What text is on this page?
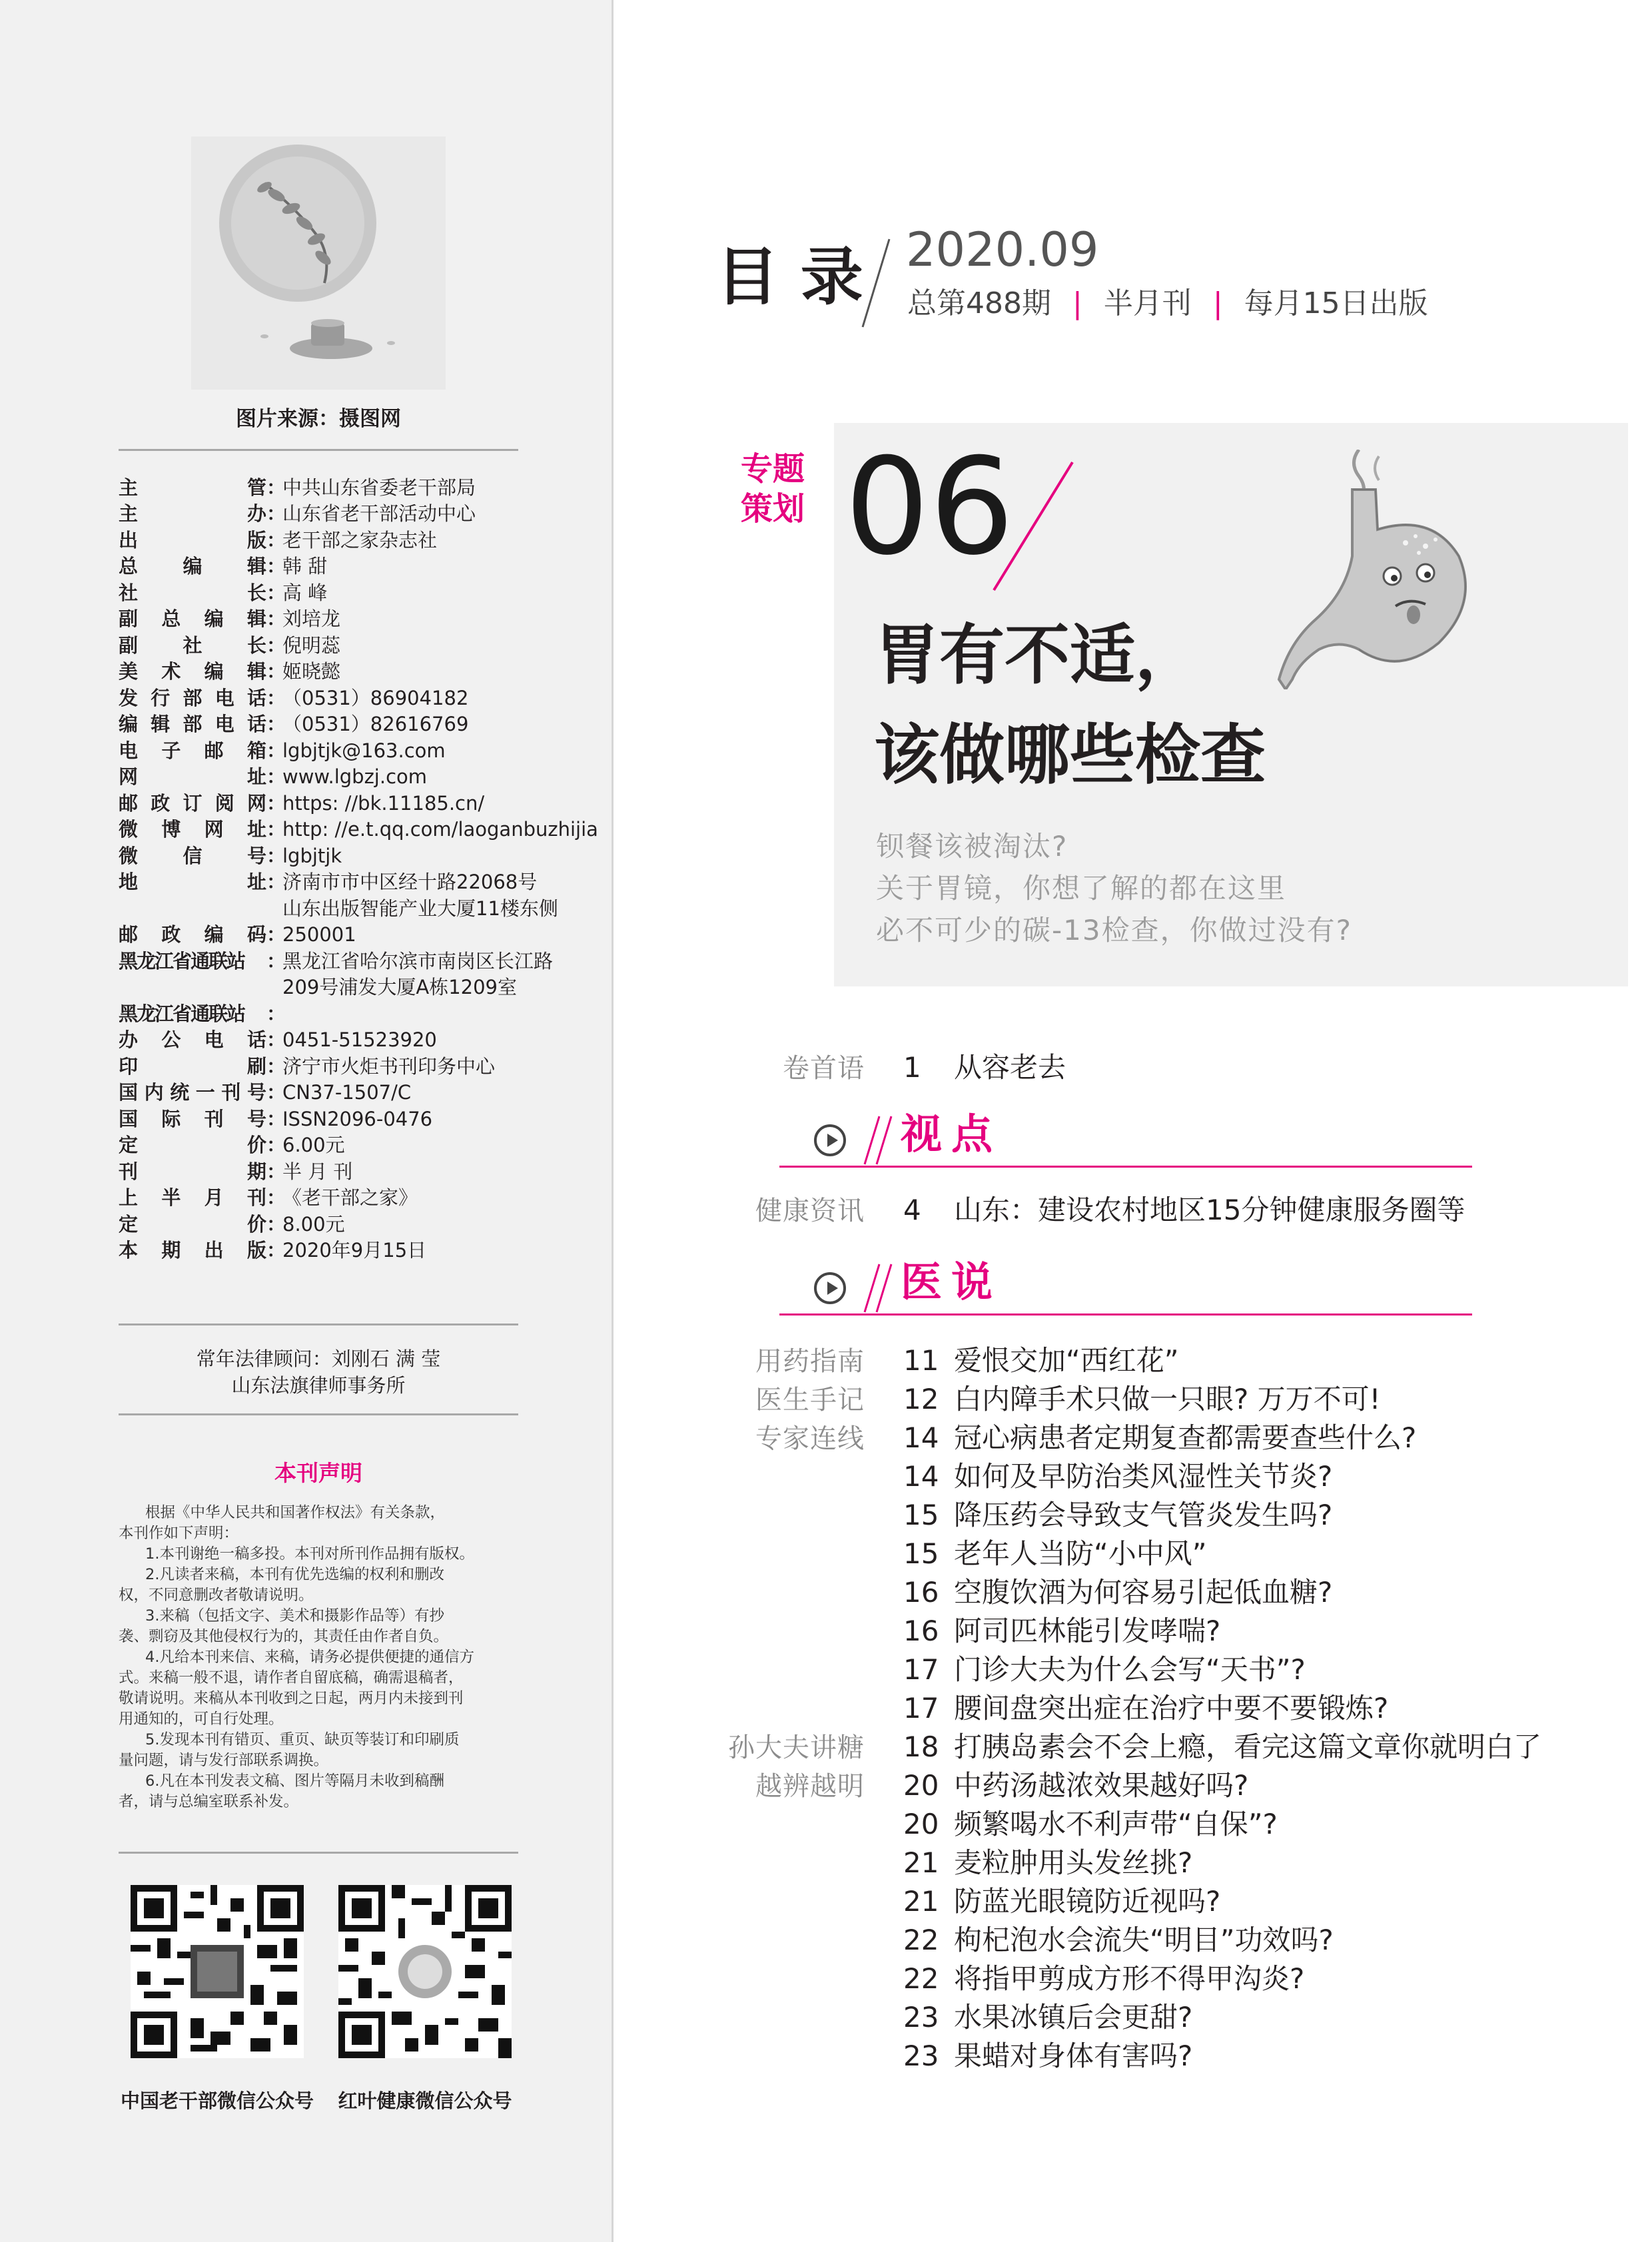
图片来源：摄图网
主	管 ：
中共山东省委老干部局
主	办 ：
山东省老干部活动中心
出	版 ：
老干部之家杂志社
总 编 辑 ：
韩 甜
社	长 ：
高 峰
副 总 编 辑 ：
刘培龙
副 社 长 ：
倪明蕊
美 术 编 辑 ：
姬晓懿
发 行 部 电 话 ：
（0531）86904182
编 辑 部 电 话 ：
（0531）82616769
电 子 邮 箱 ：
lgbjtjk@163.com
网	址 ：
www.lgbzj.com
邮 政 订 阅 网 ：
https: //bk.11185.cn/
微 博 网 址 ：
http: //e.t.qq.com/laoganbuzhijia
微 信 号 ：
lgbjtjk
地	址 ：
济南市市中区经十路22068号
山东出版智能产业大厦11楼东侧
邮 政 编 码 ：
250001
黑 龙 江 省 通 联 站 ：
黑龙江省哈尔滨市南岗区长江路
209号浦发大厦A栋1209室
黑 龙 江 省 通 联 站 ：
办 公 电 话 ：
0451-51523920
印	刷 ：
济宁市火炬书刊印务中心
国 内 统 一 刊 号 ：
CN37-1507/C
国 际 刊 号 ：
ISSN2096-0476
定	价 ：
6.00元
刊	期 ：
半 月 刊
上 半 月 刊 ：
《老干部之家》
定	价 ：
8.00元
本 期 出 版 ：
2020年9月15日
常年法律顾问：刘刚石 满 莹
山东法旗律师事务所
本刊声明
根据《中华人民共和国著作权法》有关条款，
本刊作如下声明：
1.本刊谢绝一稿多投。本刊对所刊作品拥有版权。
2.凡读者来稿，本刊有优先选编的权利和删改
权，不同意删改者敬请说明。
3.来稿（包括文字、美术和摄影作品等）有抄
袭、剽窃及其他侵权行为的，其责任由作者自负。
4.凡给本刊来信、来稿，请务必提供便捷的通信方
式。来稿一般不退，请作者自留底稿，确需退稿者，
敬请说明。来稿从本刊收到之日起，两月内未接到刊
用通知的，可自行处理。
5.发现本刊有错页、重页、缺页等装订和印刷质
量问题，请与发行部联系调换。
6.凡在本刊发表文稿、图片等隔月未收到稿酬
者，请与总编室联系补发。
中国老干部微信公众号	红叶健康微信公众号
目 录 2020.09
总第488期 | 半月刊 | 每月15日出版
专题
策划 06
胃有不适，
该做哪些检查
钡餐该被淘汰?
关于胃镜，你想了解的都在这里
必不可少的碳-13检查，你做过没有?
卷首语 1 从容老去
视点
健康资讯 4 山东：建设农村地区15分钟健康服务圈等
医说
用药指南 11 爱恨交加“西红花”
医生手记 12 白内障手术只做一只眼? 万万不可!
专家连线 14 冠心病患者定期复查都需要查些什么?
14 如何及早防治类风湿性关节炎?
15 降压药会导致支气管炎发生吗?
15 老年人当防“小中风”
16 空腹饮酒为何容易引起低血糖?
16 阿司匹林能引发哮喘?
17 门诊大夫为什么会写“天书”?
17 腰间盘突出症在治疗中要不要锻炼?
孙大夫讲糖 18 打胰岛素会不会上瘾，看完这篇文章你就明白了
越辨越明 20 中药汤越浓效果越好吗?
20 频繁喝水不利声带“自保”?
21 麦粒肿用头发丝挑?
21 防蓝光眼镜防近视吗?
22 枸杞泡水会流失“明目”功效吗?
22 将指甲剪成方形不得甲沟炎?
23 水果冰镇后会更甜?
23 果蜡对身体有害吗?
